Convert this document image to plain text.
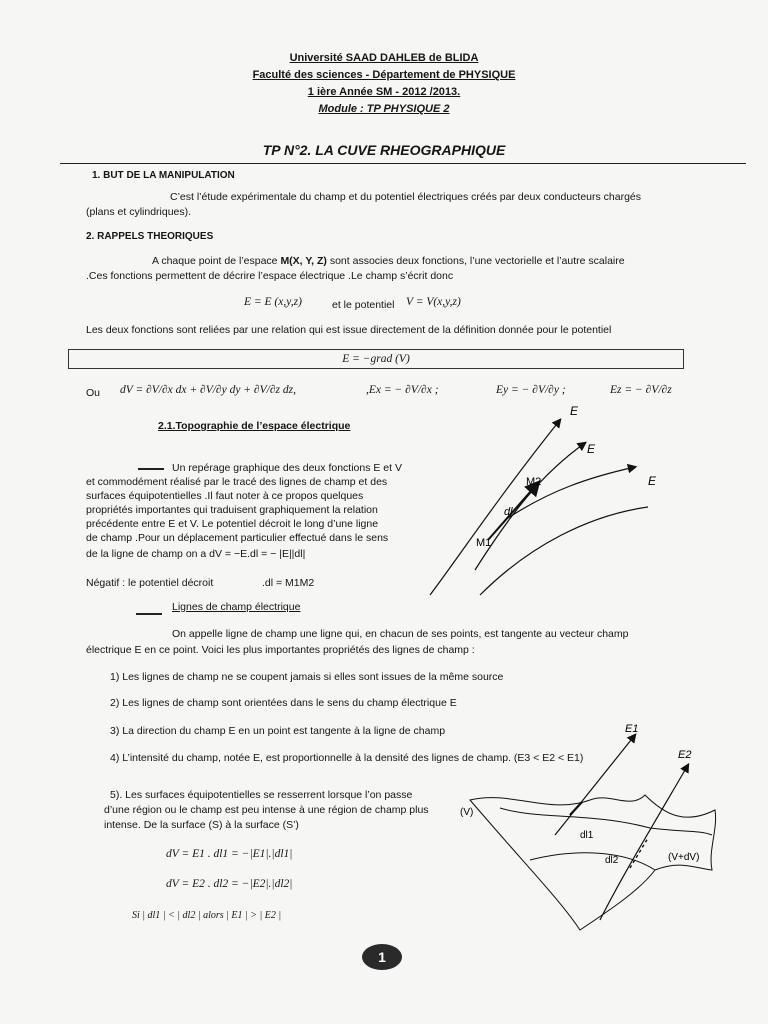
Université SAAD DAHLEB de BLIDA
Faculté des sciences - Département de PHYSIQUE
1 ière Année SM - 2012 /2013.
Module : TP PHYSIQUE 2
TP N°2. LA CUVE RHEOGRAPHIQUE
1. BUT DE LA MANIPULATION
C’est l’étude expérimentale du champ et du potentiel électriques créés par deux conducteurs chargés
(plans et cylindriques).
2. RAPPELS THEORIQUES
A chaque point de l’espace M(X, Y, Z) sont associes deux fonctions, l’une vectorielle et l’autre scalaire
.Ces fonctions permettent de décrire l’espace électrique .Le champ s’écrit donc
E = E (x,y,z)	et le potentiel V = V(x,y,z)
Les deux fonctions sont reliées par une relation qui est issue directement de la définition donnée pour le potentiel
E = −grad (V)
Ou dV = ∂V/∂x dx + ∂V/∂y dy + ∂V/∂z dz,	,Ex = − ∂V/∂x ;	Ey = − ∂V/∂y ;	Ez = − ∂V/∂z
2.1.Topographie de l’espace électrique
Un repérage graphique des deux fonctions E et V
et commodément réalisé par le tracé des lignes de champ et des
surfaces équipotentielles .Il faut noter à ce propos quelques
propriétés importantes qui traduisent graphiquement la relation
précédente entre E et V. Le potentiel décroit le long d’une ligne
de champ .Pour un déplacement particulier effectué dans le sens
de la ligne de champ on a dV = −E.dl = − |E||dl|
Négatif : le potentiel décroit	.dl = M1M2
E
E
E
M2
dl
M1
Lignes de champ électrique
On appelle ligne de champ une ligne qui, en chacun de ses points, est tangente au vecteur champ
électrique E en ce point. Voici les plus importantes propriétés des lignes de champ :
1) Les lignes de champ ne se coupent jamais si elles sont issues de la même source
2) Les lignes de champ sont orientées dans le sens du champ électrique E
3) La direction du champ E en un point est tangente à la ligne de champ
4) L’intensité du champ, notée E, est proportionnelle à la densité des lignes de champ. (E3 < E2 < E1)
5). Les surfaces équipotentielles se resserrent lorsque l’on passe
d’une région ou le champ est peu intense à une région de champ plus
intense. De la surface (S) à la surface (S’)
dV = E1 . dl1 = −|E1|.|dl1|
dV = E2 . dl2 = −|E2|.|dl2|
Si | dl1 | < | dl2 | alors | E1 | > | E2 |
E1
E2
(V)
(V+dV)
dl1
dl2
1
